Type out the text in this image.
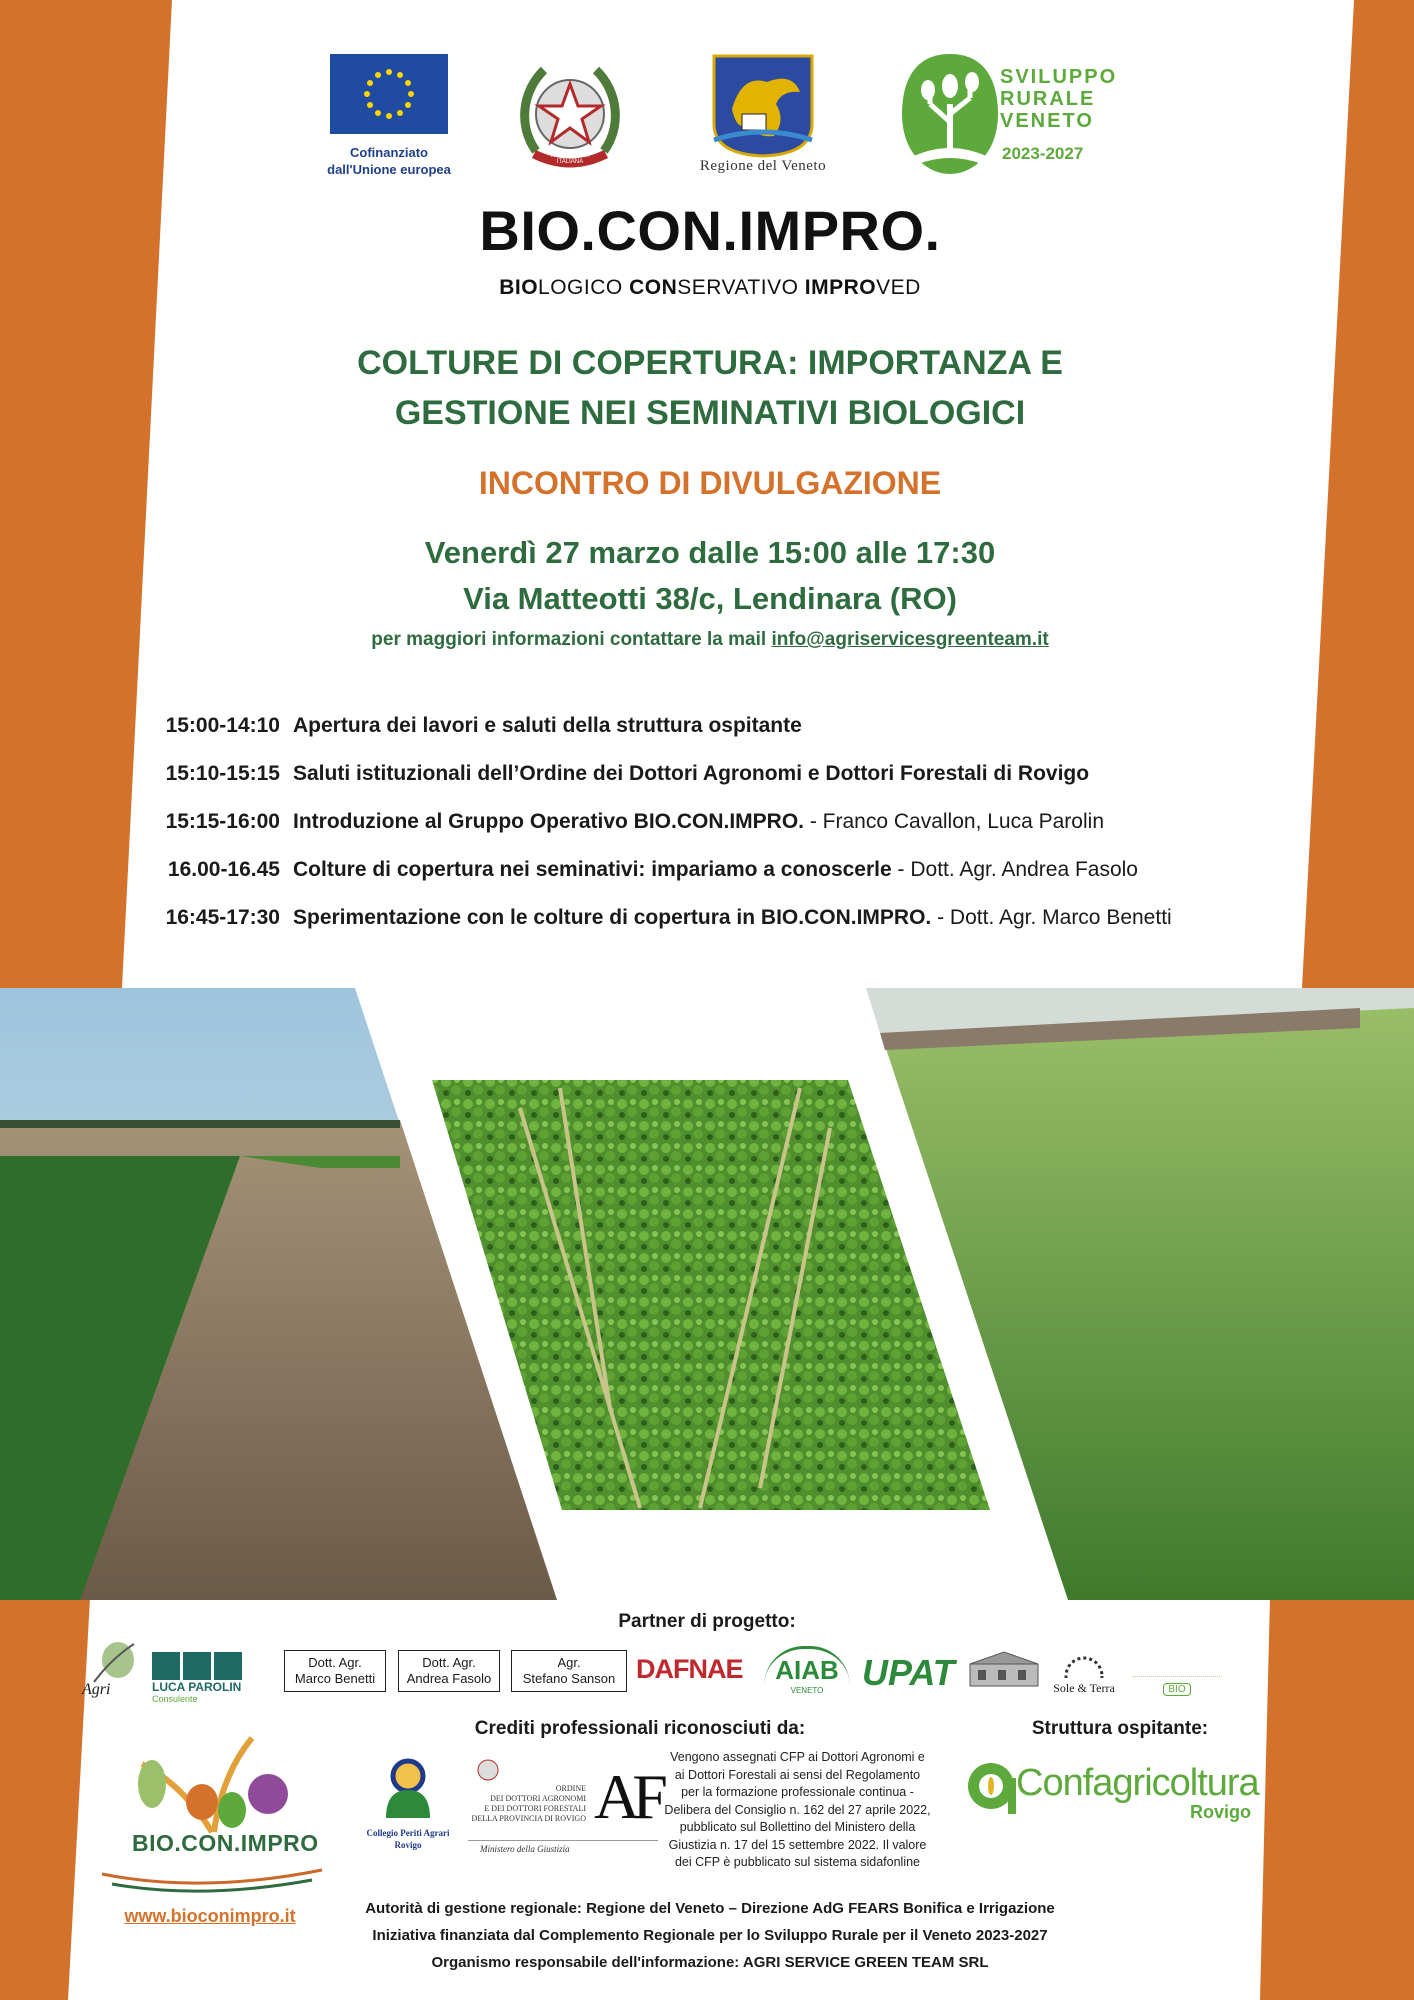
Cofinanziato
dall'Unione europea
REPUBBLICA ITALIANA	Regione del Veneto
SVILUPPO
RURALE
VENETO
2023-2027
BIO.CON.IMPRO.
BIOLOGICO CONSERVATIVO IMPROVED
COLTURE DI COPERTURA: IMPORTANZA E
GESTIONE NEI SEMINATIVI BIOLOGICI
INCONTRO DI DIVULGAZIONE
Venerdì 27 marzo dalle 15:00 alle 17:30
Via Matteotti 38/c, Lendinara (RO)
per maggiori informazioni contattare la mail info@agriservicesgreenteam.it
15:00-14:10 Apertura dei lavori e saluti della struttura ospitante
15:10-15:15 Saluti istituzionali dell’Ordine dei Dottori Agronomi e Dottori Forestali di Rovigo
15:15-16:00 Introduzione al Gruppo Operativo BIO.CON.IMPRO. - Franco Cavallon, Luca Parolin
16.00-16.45 Colture di copertura nei seminativi: impariamo a conoscerle - Dott. Agr. Andrea Fasolo
16:45-17:30 Sperimentazione con le colture di copertura in BIO.CON.IMPRO. - Dott. Agr. Marco Benetti
Partner di progetto:
Agri	LUCA PAROLIN
Consulente
Dott. Agr.
Marco Benetti
Dott. Agr.
Andrea Fasolo
Agr.
Stefano Sanson DAFNAE	AIAB
VENETO	UPAT	Sole & Terra	BIO
Crediti professionali riconosciuti da:	Struttura ospitante:
Collegio Periti Agrari
Rovigo
ORDINE
DEI DOTTORI AGRONOMI
E DEI DOTTORI FORESTALI
DELLA PROVINCIA DI ROVIGO AF
Ministero della Giustizia
Vengono assegnati CFP ai Dottori Agronomi e
ai Dottori Forestali ai sensi del Regolamento
per la formazione professionale continua -
Delibera del Consiglio n. 162 del 27 aprile 2022,
pubblicato sul Bollettino del Ministero della
Giustizia n. 17 del 15 settembre 2022. Il valore
dei CFP è pubblicato sul sistema sidafonline
Confagricoltura
Rovigo
BIO.CON.IMPRO
www.bioconimpro.it	Autorità di gestione regionale: Regione del Veneto – Direzione AdG FEARS Bonifica e Irrigazione
Iniziativa finanziata dal Complemento Regionale per lo Sviluppo Rurale per il Veneto 2023-2027
Organismo responsabile dell'informazione: AGRI SERVICE GREEN TEAM SRL
